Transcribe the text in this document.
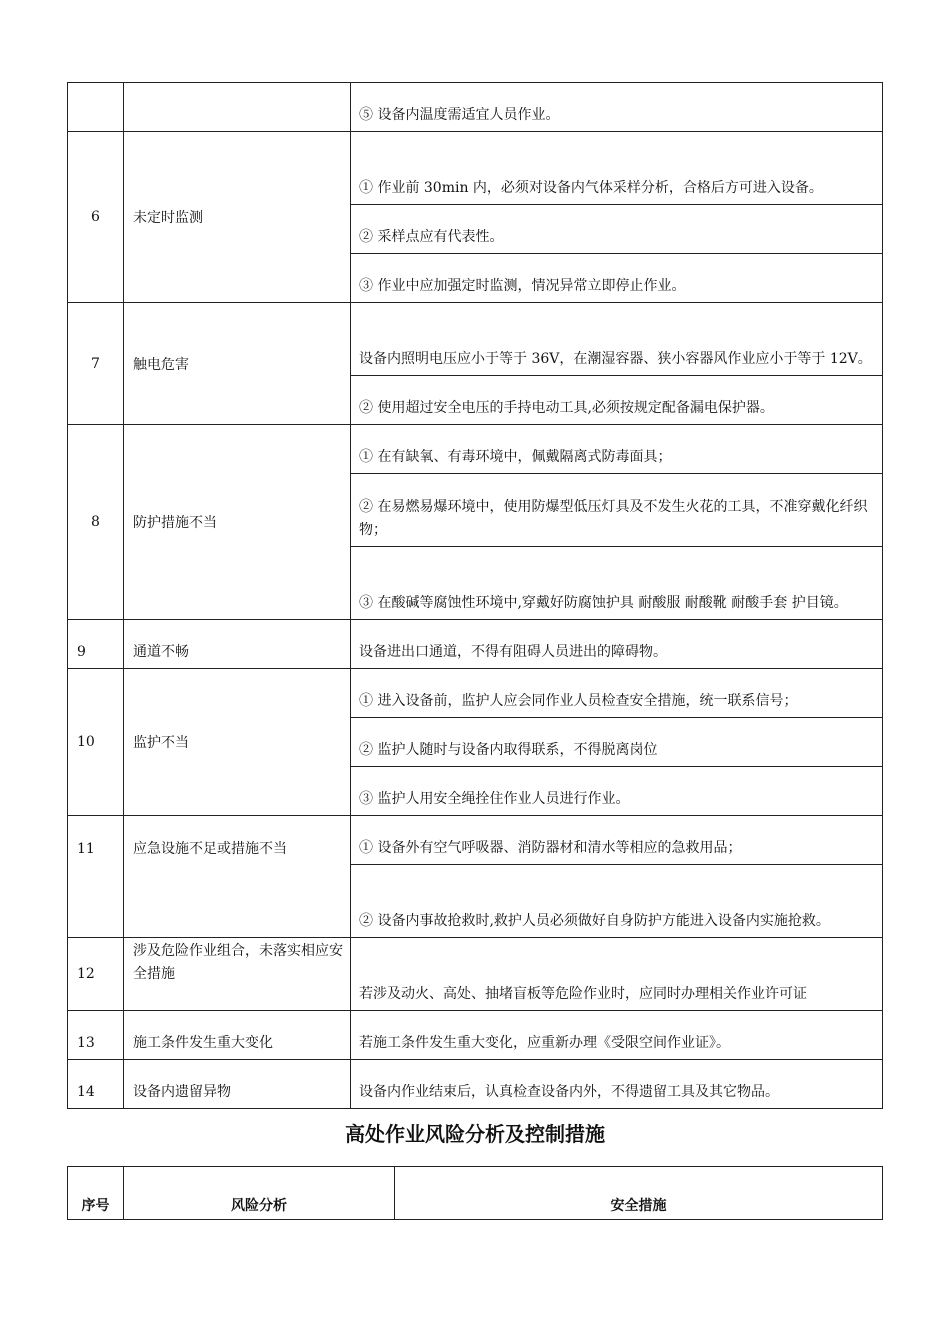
		⑤ 设备内温度需适宜人员作业。

6	未定时监测	① 作业前 30min 内，必须对设备内气体采样分析，合格后方可进入设备。

		② 采样点应有代表性。

		③ 作业中应加强定时监测，情况异常立即停止作业。

7	触电危害	设备内照明电压应小于等于 36V，在潮湿容器、狭小容器风作业应小于等于 12V。

		② 使用超过安全电压的手持电动工具,必须按规定配备漏电保护器。

8	防护措施不当	① 在有缺氧、有毒环境中，佩戴隔离式防毒面具；

		② 在易燃易爆环境中，使用防爆型低压灯具及不发生火花的工具，不准穿戴化纤织物；

		③ 在酸碱等腐蚀性环境中,穿戴好防腐蚀护具 耐酸服 耐酸靴 耐酸手套 护目镜。

9	通道不畅	设备进出口通道，不得有阻碍人员进出的障碍物。

10	监护不当	① 进入设备前，监护人应会同作业人员检查安全措施，统一联系信号；

		② 监护人随时与设备内取得联系，不得脱离岗位

		③ 监护人用安全绳拴住作业人员进行作业。

11	应急设施不足或措施不当	① 设备外有空气呼吸器、消防器材和清水等相应的急救用品；

		② 设备内事故抢救时,救护人员必须做好自身防护方能进入设备内实施抢救。

12	涉及危险作业组合，未落实相应安全措施	若涉及动火、高处、抽堵盲板等危险作业时，应同时办理相关作业许可证

13	施工条件发生重大变化	若施工条件发生重大变化，应重新办理《受限空间作业证》。

14	设备内遗留异物	设备内作业结束后，认真检查设备内外，不得遗留工具及其它物品。
高处作业风险分析及控制措施
序号	风险分析	安全措施
